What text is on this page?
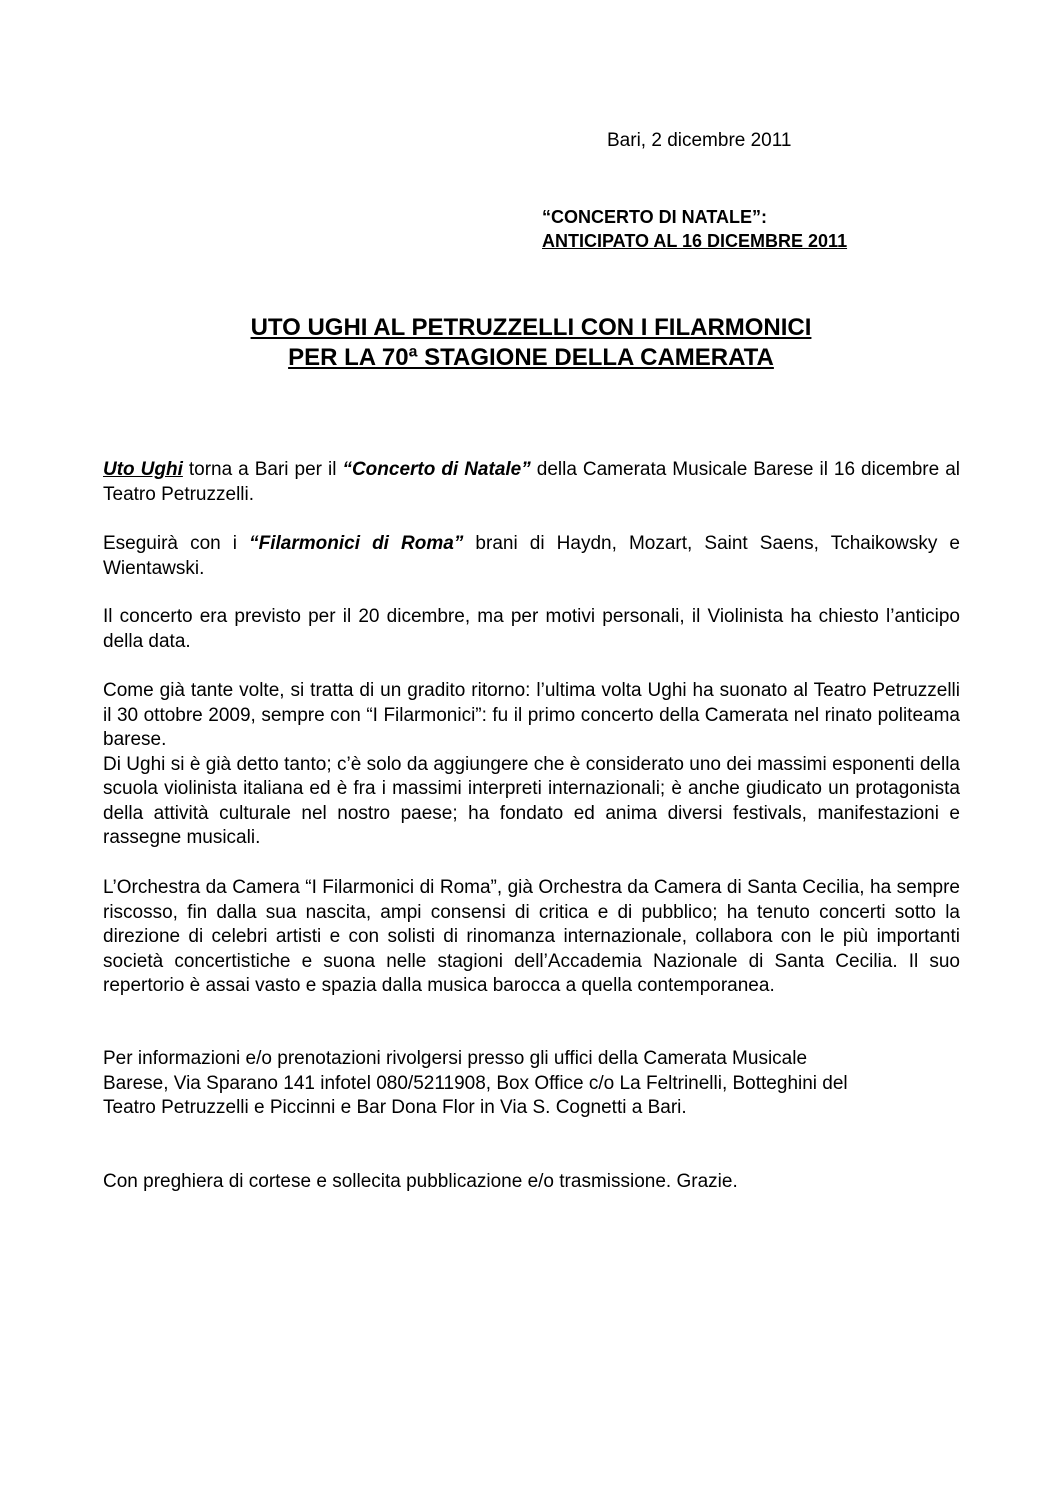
Bari, 2 dicembre 2011
“CONCERTO DI NATALE”:
ANTICIPATO AL 16 DICEMBRE 2011
UTO UGHI AL PETRUZZELLI CON I FILARMONICI
PER LA 70ª STAGIONE DELLA CAMERATA

Uto Ughi torna a Bari per il “Concerto di Natale” della Camerata Musicale Barese il 16 dicembre al Teatro Petruzzelli.

Eseguirà con i “Filarmonici di Roma” brani di Haydn, Mozart, Saint Saens, Tchaikowsky e Wientawski.

Il concerto era previsto per il 20 dicembre, ma per motivi personali, il Violinista ha chiesto l’anticipo della data.

Come già tante volte, si tratta di un gradito ritorno: l’ultima volta Ughi ha suonato al Teatro Petruzzelli il 30 ottobre 2009, sempre con “I Filarmonici”: fu il primo concerto della Camerata nel rinato politeama barese.

Di Ughi si è già detto tanto; c’è solo da aggiungere che è considerato uno dei massimi esponenti della scuola violinista italiana ed è fra i massimi interpreti internazionali; è anche giudicato un protagonista della attività culturale nel nostro paese; ha fondato ed anima diversi festivals, manifestazioni e rassegne musicali.

L’Orchestra da Camera “I Filarmonici di Roma”, già Orchestra da Camera di Santa Cecilia, ha sempre riscosso, fin dalla sua nascita, ampi consensi di critica e di pubblico; ha tenuto concerti sotto la direzione di celebri artisti e con solisti di rinomanza internazionale, collabora con le più importanti società concertistiche e suona nelle stagioni dell’Accademia Nazionale di Santa Cecilia. Il suo repertorio è assai vasto e spazia dalla musica barocca a quella contemporanea.

Per informazioni e/o prenotazioni rivolgersi presso gli uffici della Camerata Musicale
Barese, Via Sparano 141 infotel 080/5211908, Box Office c/o La Feltrinelli, Botteghini del
Teatro Petruzzelli e Piccinni e Bar Dona Flor in Via S. Cognetti a Bari.
Con preghiera di cortese e sollecita pubblicazione e/o trasmissione. Grazie.
